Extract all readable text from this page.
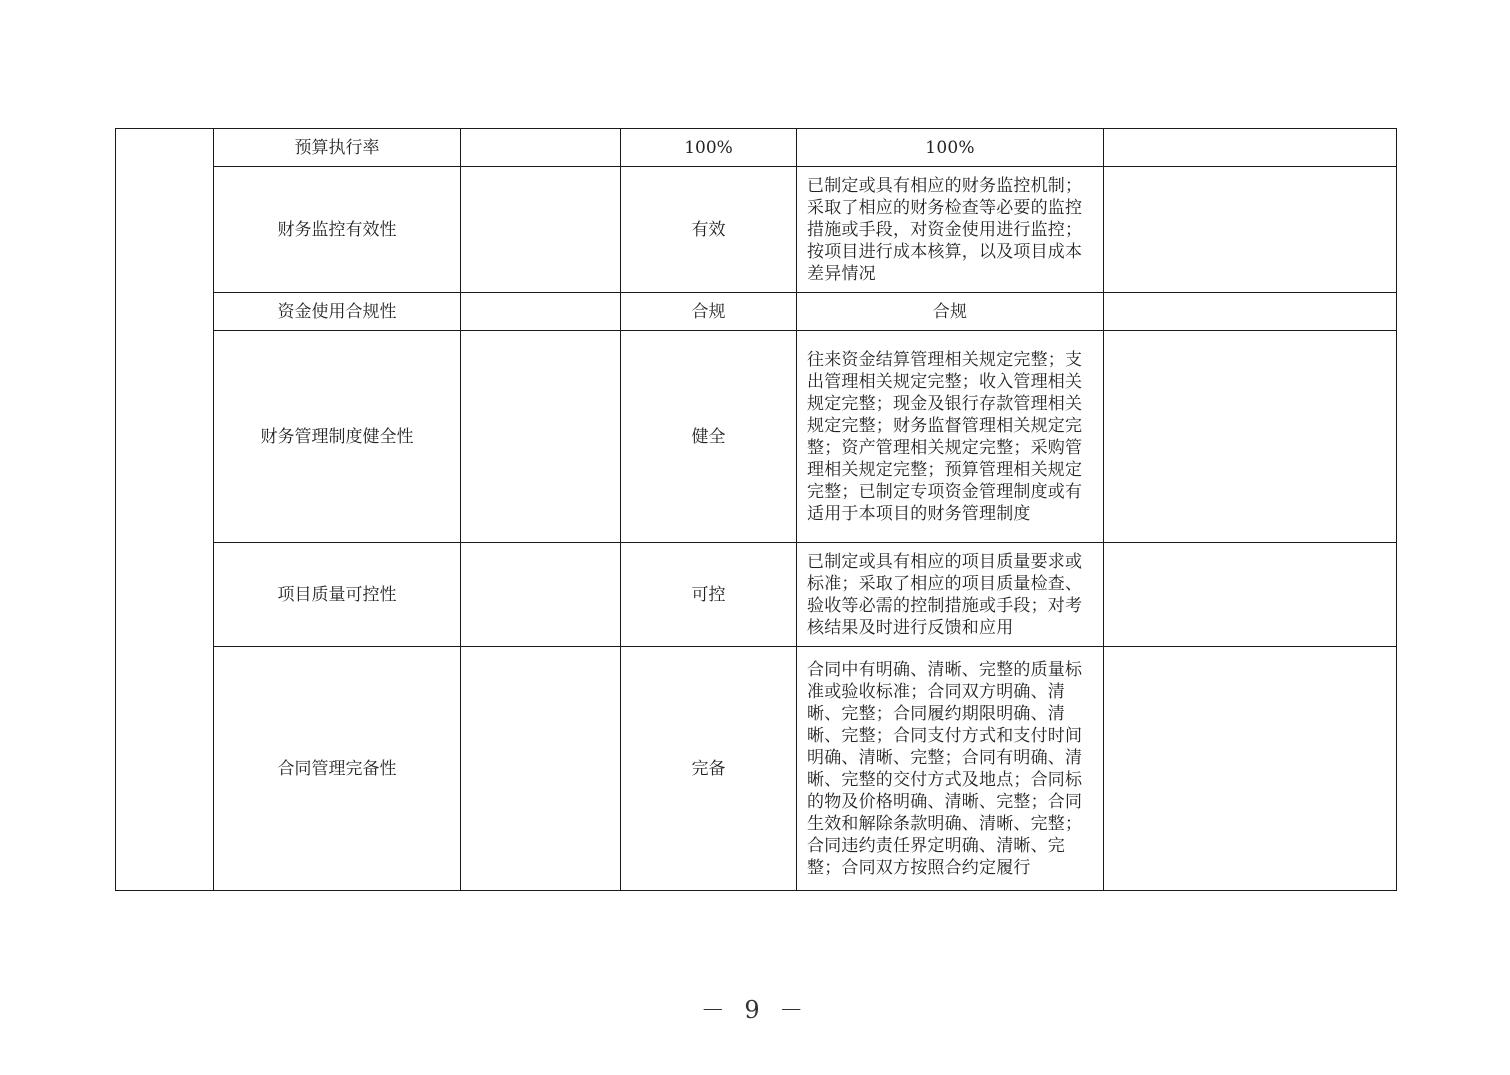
	预算执行率		100%	100%	

	财务监控有效性		有效	已制定或具有相应的财务监控机制；采取了相应的财务检查等必要的监控措施或手段，对资金使用进行监控；按项目进行成本核算，以及项目成本差异情况	

	资金使用合规性		合规	合规	

	财务管理制度健全性		健全	往来资金结算管理相关规定完整；支出管理相关规定完整；收入管理相关规定完整；现金及银行存款管理相关规定完整；财务监督管理相关规定完整；资产管理相关规定完整；采购管理相关规定完整；预算管理相关规定完整；已制定专项资金管理制度或有适用于本项目的财务管理制度	

	项目质量可控性		可控	已制定或具有相应的项目质量要求或标准；采取了相应的项目质量检查、验收等必需的控制措施或手段；对考核结果及时进行反馈和应用	

	合同管理完备性		完备	合同中有明确、清晰、完整的质量标准或验收标准；合同双方明确、清晰、完整；合同履约期限明确、清晰、完整；合同支付方式和支付时间明确、清晰、完整；合同有明确、清晰、完整的交付方式及地点；合同标的物及价格明确、清晰、完整；合同生效和解除条款明确、清晰、完整；合同违约责任界定明确、清晰、完整；合同双方按照合约定履行	

－ 9 －
